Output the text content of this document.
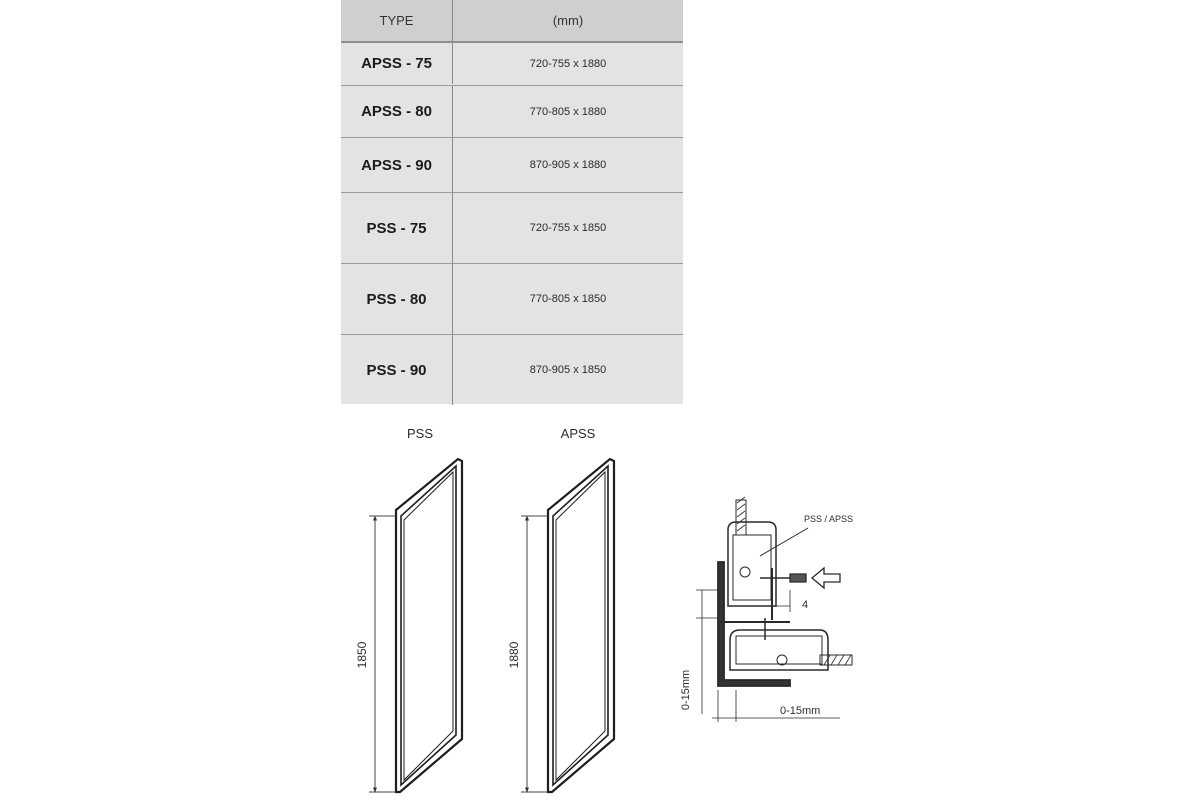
TYPE	(mm)
APSS - 75	720-755 x 1880
APSS - 80	770-805 x 1880
APSS - 90	870-905 x 1880
PSS - 75	720-755 x 1850
PSS - 80	770-805 x 1850
PSS - 90	870-905 x 1850
PSS
1850
APSS
1880
PSS / APSS
4
0-15mm
0-15mm
